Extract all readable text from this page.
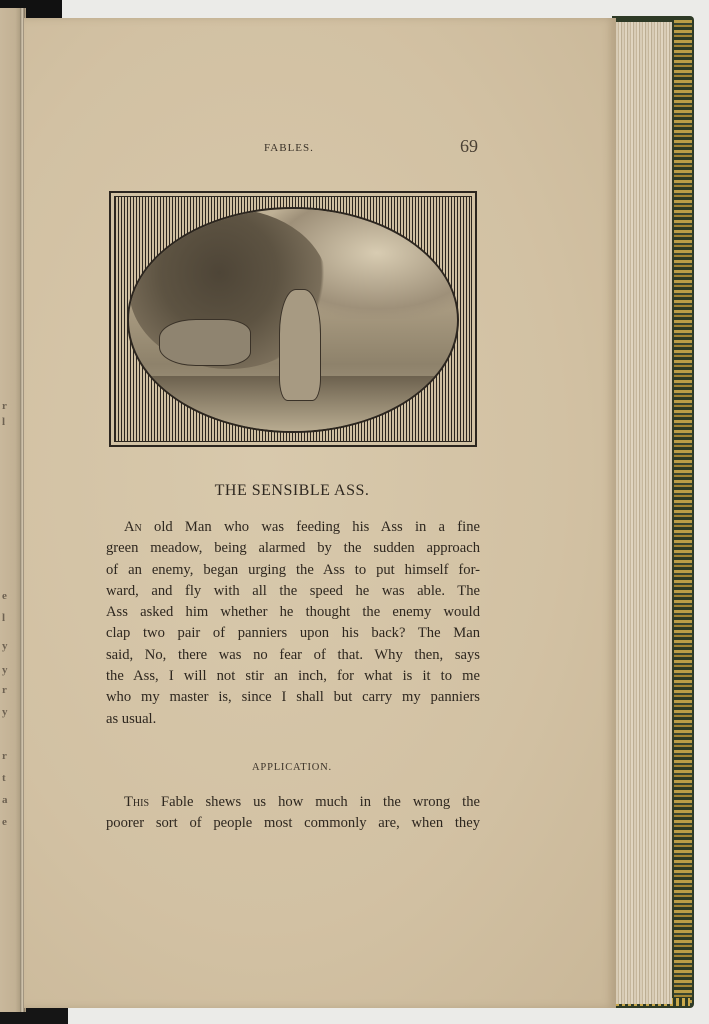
r
l
e
l
y
y
r
y
r
t
a
e
FABLES.	69
THE SENSIBLE ASS.
An old Man who was feeding his Ass in a fine
green meadow, being alarmed by the sudden approach
of an enemy, began urging the Ass to put himself for-
ward, and fly with all the speed he was able. The
Ass asked him whether he thought the enemy would
clap two pair of panniers upon his back? The Man
said, No, there was no fear of that. Why then, says
the Ass, I will not stir an inch, for what is it to me
who my master is, since I shall but carry my panniers
as usual.
APPLICATION.
This Fable shews us how much in the wrong the
poorer sort of people most commonly are, when they
